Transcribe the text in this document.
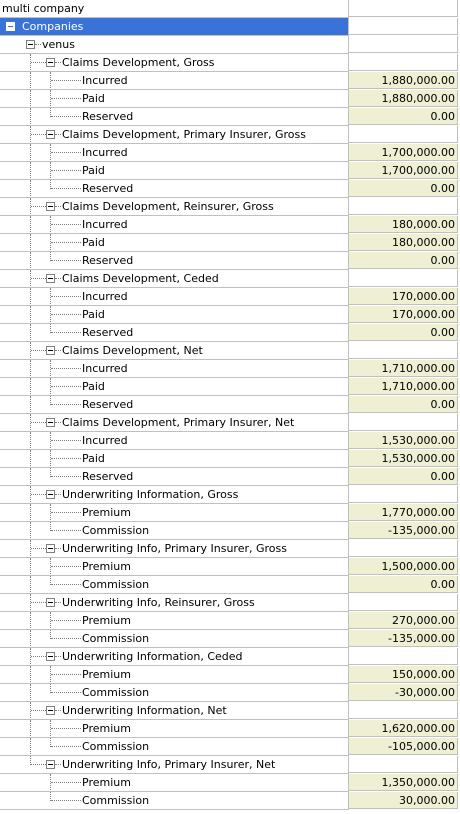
multi company
Companies
venus
Claims Development, Gross
Incurred	1,880,000.00
Paid	1,880,000.00
Reserved	0.00
Claims Development, Primary Insurer, Gross
Incurred	1,700,000.00
Paid	1,700,000.00
Reserved	0.00
Claims Development, Reinsurer, Gross
Incurred	180,000.00
Paid	180,000.00
Reserved	0.00
Claims Development, Ceded
Incurred	170,000.00
Paid	170,000.00
Reserved	0.00
Claims Development, Net
Incurred	1,710,000.00
Paid	1,710,000.00
Reserved	0.00
Claims Development, Primary Insurer, Net
Incurred	1,530,000.00
Paid	1,530,000.00
Reserved	0.00
Underwriting Information, Gross
Premium	1,770,000.00
Commission	-135,000.00
Underwriting Info, Primary Insurer, Gross
Premium	1,500,000.00
Commission	0.00
Underwriting Info, Reinsurer, Gross
Premium	270,000.00
Commission	-135,000.00
Underwriting Information, Ceded
Premium	150,000.00
Commission	-30,000.00
Underwriting Information, Net
Premium	1,620,000.00
Commission	-105,000.00
Underwriting Info, Primary Insurer, Net
Premium	1,350,000.00
Commission	30,000.00
